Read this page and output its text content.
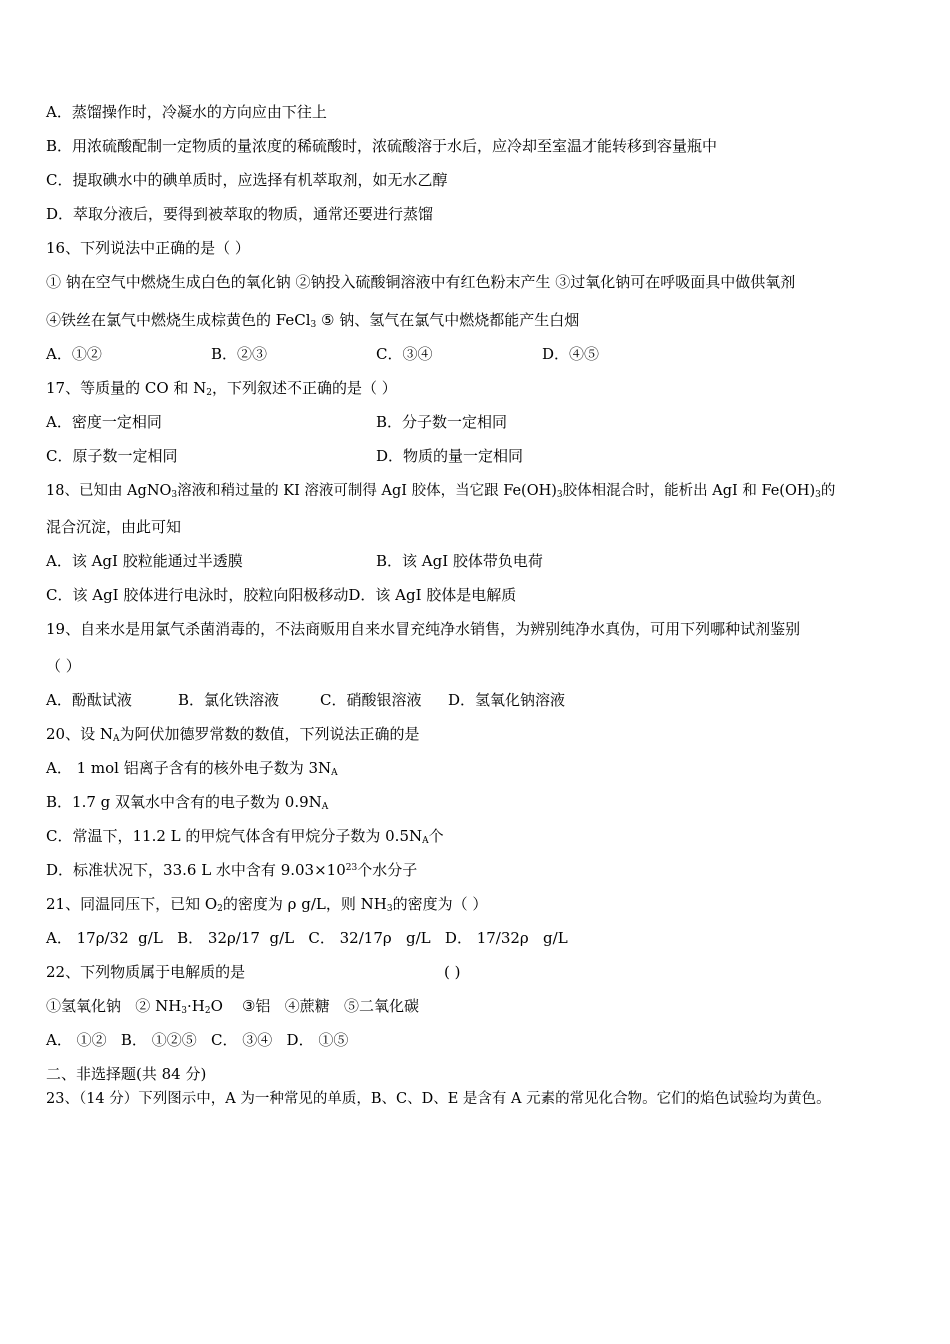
A．蒸馏操作时，冷凝水的方向应由下往上
B．用浓硫酸配制一定物质的量浓度的稀硫酸时，浓硫酸溶于水后，应冷却至室温才能转移到容量瓶中
C．提取碘水中的碘单质时，应选择有机萃取剂，如无水乙醇
D．萃取分液后，要得到被萃取的物质，通常还要进行蒸馏
16、下列说法中正确的是（ ）
① 钠在空气中燃烧生成白色的氧化钠 ②钠投入硫酸铜溶液中有红色粉末产生 ③过氧化钠可在呼吸面具中做供氧剂
④铁丝在氯气中燃烧生成棕黄色的 FeCl$_3$ ⑤ 钠、氢气在氯气中燃烧都能产生白烟
A．①②	B．②③	C．③④	D．④⑤
17、等质量的 CO 和 $N_2$，下列叙述不正确的是（ ）
A．密度一定相同	B．分子数一定相同
C．原子数一定相同	D．物质的量一定相同
18、已知由 AgNO$_3$溶液和稍过量的 KI 溶液可制得 AgI 胶体，当它跟 $Fe(OH)_3$胶体相混合时，能析出 AgI 和 $Fe(OH)_3$的
混合沉淀，由此可知
A．该 AgI 胶粒能通过半透膜	B．该 AgI 胶体带负电荷
C．该 AgI 胶体进行电泳时，胶粒向阳极移动D．该 AgI 胶体是电解质
19、自来水是用氯气杀菌消毒的，不法商贩用自来水冒充纯净水销售，为辨别纯净水真伪，可用下列哪种试剂鉴别
（ ）
A．酚酞试液	B．氯化铁溶液	C．硝酸银溶液 D．氢氧化钠溶液
20、设 $N_A$为阿伏加德罗常数的数值，下列说法正确的是
A． 1 mol 铝离子含有的核外电子数为 $3N_A$
B．1.7 g 双氧水中含有的电子数为 $0.9N_A$
C．常温下，11.2 L 的甲烷气体含有甲烷分子数为 $0.5N_A$个
D．标准状况下，33.6 L 水中含有 $9.03\times 10^{23}$个水分子
21、同温同压下，已知 $O_2$的密度为 ρ g/L，则 $NH_3$的密度为（ ）
A． 17ρ/32  g/L   B． 32ρ/17  g/L   C． 32/17ρ   g/L   D． 17/32ρ   g/L
22、下列物质属于电解质的是	( )
①氢氧化钠   ② $NH_3\cdot H_2O$    ③铝   ④蔗糖   ⑤二氧化碳
A． ①②   B． ①②⑤   C． ③④   D． ①⑤
二、非选择题(共 84 分)
23、（14 分）下列图示中，A 为一种常见的单质，B、C、D、E 是含有 A 元素的常见化合物。它们的焰色试验均为黄色。
